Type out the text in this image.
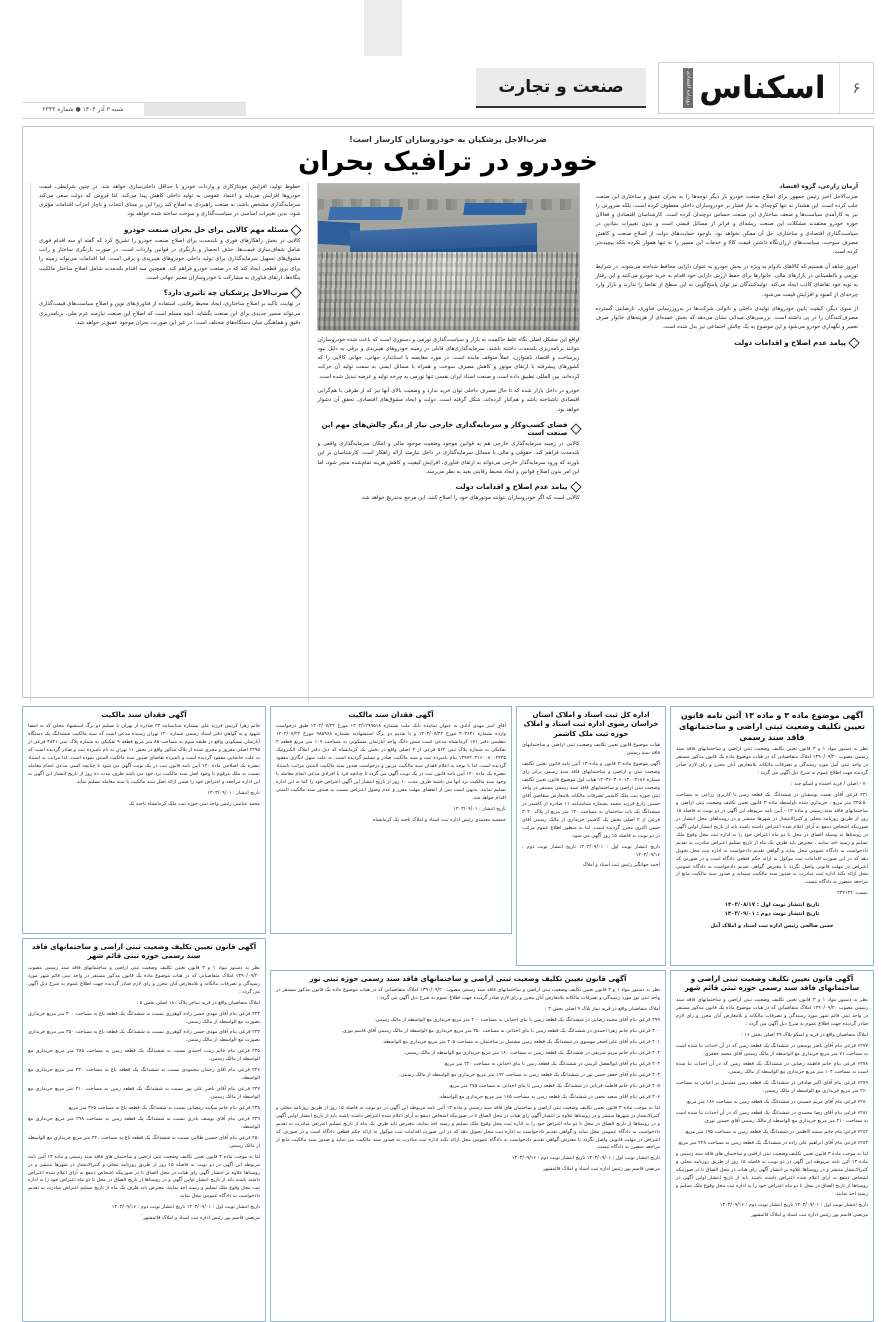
۶
اسکناس
روزنامه اقتصادی صبح ایران
صنعت و تجارت
شنبه ۳ آذر ۱۴۰۳ ● شماره ۲۳۴۴
ضرب‌الاجل پزشکیان به خودروسازان کارساز است!
خودرو در ترافیک بحران
آرمان زارعی، گروه اقتصاد

ضرب‌الاجل اخیر رئیس جمهور برای اصلاح صنعت خودرو بار دیگر توجه‌ها را به بحران عمیق و ساختاری این صنعت جلب کرده است. این هشدار نه تنها کوچه‌ای به نیاز فشار بر خودروسازان داخلی معطوف کرده است، بلکه ضرورتی را نیز به کارآمدی سیاست‌ها و ضعف ساختاری این صنعت حساس دوچندان کرده است. کارشناسان اقتصادی و فعالان حوزه خودرو معتقدند مشکلات این صنعت ریشه‌ای و فراتر از مسائل قیمتی است و بدون تغییرات بنیادین در سیاست‌گذاری اقتصادی و ساختاری، حل آن ممکن نخواهد بود. باوجود حمایت‌های دولت از اصلاح صنعت و کاهش مصرف سوخت، سیاست‌های ارزان‌نگاه داشتن قیمت کالا و خدمات این مسیر را نه تنها هموار نکرده بلکه پیچیده‌تر کرده است.

امروز شاهد آن هستیم که کالاهای بادوام به ویژه در بخش خودرو به عنوان دارایی محافظ شناخته می‌شوند. در شرایط تورمی و نااطمینانی در بازارهای مالی، خانوارها برای حفظ ارزش دارایی خود اقدام به خرید خودرو می‌کنند و این رفتار به نوبه خود تقاضای کاذب ایجاد می‌کند. تولیدکنندگان نیز توان پاسخ‌گویی به این سطح از تقاضا را ندارند و بازار وارد چرخه‌ای از کمبود و افزایش قیمت می‌شود.

از سوی دیگر، کیفیت پایین خودروهای تولیدی داخلی و ناتوانی شرکت‌ها در به‌روزرسانی فناوری، نارضایتی گسترده مصرف‌کنندگان را در پی داشته است. بررسی‌های میدانی نشان می‌دهد که بخش عمده‌ای از هزینه‌های خانوار صرف تعمیر و نگهداری خودرو می‌شود و این موضوع به یک چالش اجتماعی نیز بدل شده است.

پیامد عدم اصلاح و اقدامات دولت

اواقع این مشکل اصلی نگاه غلط حاکمیت به بازار و سیاست‌گذاری تورمی و دستوری است که باعث شده خودروسازان نتوانند برنامه‌ریزی بلندمدت داشته باشند. سرمایه‌گذاری‌های قابلی در زمینه خودروهای هیبریدی و برقی به دلیل نبود زیرساخت و اقتصاد نامتوازن، عملاً متوقف مانده است. در مورد مقایسه با استاندارد جهانی، جهانی کالایی را که کشورهای پیشرفته با ارتقای موتور و کاهش مصرف سوخت و همراه با مسائل ایمنی به سمت تولید آن حرکت کرده‌اند، بین المللی تطبیق داده است و صنعت اسناد ایران نفسی تنها تورمی به چرخه تولید و عرضه تبدیل شده است.

خودرو در داخل بازار شده که تا حال مصرف داخلی توان خرید ندارد و وضعیت بالای آنها نیز که از طرفی با هم‌گرایی اقتصادی ناشناخته باشد و هم‌کنار کرده‌اند، شکل گرفته است. دولت و ایجاد مشوق‌های اقتصادی، تحقق آن دشوار خواهد بود.

فضای کسب‌وکار و سرمایه‌گذاری خارجی نیاز از دیگر چالش‌های مهم این صنعت است

کالایی در زمینه سرمایه‌گذاری خارجی هم به قوانین موجود وضعیت موجود مالی و امکان سرمایه‌گذاری واقعی و بلندمدت فراهم کند. حقوقی و مالی با مسائل سرمایه‌گذاری در داخل نیازمند ارائه راهکار است. کارشناسان بر این باورند که ورود سرمایه‌گذار خارجی می‌تواند به ارتقای فناوری، افزایش کیفیت و کاهش هزینه تمام‌شده منجر شود، اما این امر بدون اصلاح قوانین و ایجاد محیط رقابتی بعید به نظر می‌رسد.

پیامد عدم اصلاح و اقدامات دولت

کالایی است که اگر خودروسازان نتوانند موتورهای خود را اصلاح کنند، این مرجع به‌تدریج خواهد شد.

خطوط تولید، افزایش مونتاژکاری و واردات خودرو با حداقل داخلی‌سازی خواهد شد. در چنین شرایطی، قیمت خودروها افزایش می‌یابد و اعتماد عمومی به تولید داخلی کاهش پیدا می‌کند. لذا فروش که دولت سعی می‌کند سرمایه‌گذاری مشخص باشد، به صنعت راهبردی به اصلاح کند زیرا این بر مبنای انتخاب و ناچار احزاب اقدامات مؤثری شود، بدین تغییرات اساسی در سیاست‌گذاری و سوخت ساخته شده خواهد بود.

مسئله مهم کالایی برای حل بحران صنعت خودرو

کالایی در بخش راهکارهای فوری و بلندمدت برای اصلاح صنعت خودرو را تشریح کرد که گفته او سه اقدام فوری شامل شفاف‌سازی قیمت‌ها، حذف انحصار و بازنگری در قوانین واردات است. در صورت بازنگری ساختار و رانت مشوق‌های تسهیل سرمایه‌گذاری برای تولید داخلی خودروهای هیبریدی و برقی است. اما اقدامات می‌تواند زمینه را برای بروز قطعی ایجاد کند که در صنعت خودرو فراهم کند. همچنین سه اقدام بلندمدت شامل اصلاح ساختار مالکیت بنگاه‌ها، ارتقای فناوری به مشارکت با خودروسازان معتبر جهانی است.

ضرب‌الاجل پزشکیان چه تاثیری دارد؟

در نهایت، تأکید بر اصلاح ساختاری، ایجاد محیط رقابتی، استفاده از فناوری‌های نوین و اصلاح سیاست‌های قیمت‌گذاری می‌تواند مسیر جدیدی برای این صنعت بگشاید. آنچه مسلم است که اصلاح این صنعت نیازمند عزم ملی، برنامه‌ریزی دقیق و هماهنگی میان دستگاه‌های مختلف است؛ در غیر این صورت، بحران موجود عمیق‌تر خواهد شد.

آگهی موضوع ماده ۳ و ماده ۱۳ آئین نامه قانون تعیین تکلیف وضعیت ثبتی اراضی و ساختمانهای فاقد سند رسمی

نظر به دستور مواد ۱ و ۳ قانون تعیین تکلیف وضعیت ثبتی اراضی و ساختمانهای فاقد سند رسمی مصوب ۱۳۹۰/۰۹/۲۰ املاک متقاضیانی که در هیات موضوع ماده یک قانون مذکور مستقر در واحد ثبتی آمل مورد رسیدگی و تصرفات مالکانه بلامعارض آنان محرز و رای لازم صادر گردیده جهت اطلاع عموم به شرح ذیل آگهی می گردد :

۷۰ - اصلی / قریه احمده و اسکو چند :

۲۴۱ فرعی آقای نعمت یوسفیان در ششدانگ یک قطعه زمین با کاربری زراعی به مساحت ۲۴۵.۵۰ متر مربع ، خریداری شده باواسطه ماده ۳ قانون تعیین تکلیف وضعیت ثبتی اراضی و ساختمانهای فاقد سند رسمی و ماده ۱۳ - آیین نامه مربوطه این آگهی در دو نوبت به فاصله ۱۵ روز از طریق روزنامه محلی و کثیرالانتشار در شهرها منتشر و در روستاهای محل انتشار در صورتیکه اشخاص ذینفع به آرای اعلام شده اعتراض داشته باشند باید از تاریخ انتشار اولین آگهی در روستاها به وسیله الصاق در محل تا دو ماه اعتراض خود را به اداره ثبت محل وقوع ملک تسلیم و رسید اخذ نمایند . معترض باید ظرف یک ماه از تاریخ تسلیم اعتراض مبادرت به تقدیم دادخواست به دادگاه عمومی محل نماید و گواهی تقدیم دادخواست به اداره ثبت محل تحویل دهد که در این صورت اقدامات ثبت موکول به ارائه حکم قطعی دادگاه است و در صورتی که اعتراض در مهلت قانونی واصل نگردد یا معترض گواهی تقدیم دادخواست به دادگاه عمومی محل ارائه نکند اداره ثبت مبادرت به صدور سند مالکیت مینماید و صدور سند مالکیت مانع از مراجعه متضرر به دادگاه نیست.

نیست. ۲۴۲۱۴۴

تاریخ انتشار نوبت اول : ۱۴۰۳/۰۸/۱۷
تاریخ انتشار نوبت دوم : ۱۴۰۳/۰۹/۰۱
حسن صالحی رئیس اداره ثبت اسناد و املاک آمل
اداره کل ثبت اسناد و املاک استان خراسان رضوی اداره ثبت اسناد و املاک حوزه ثبت ملک کاشمر

هیات موضوع قانون تعیین تکلیف وضعیت ثبتی اراضی و ساختمانهای فاقد سند رسمی

آگهی موضوع ماده ۳ قانون و ماده ۱۳ آئین نامه قانون تعیین تکلیف وضعیت ثبتی و اراضی و ساختمانهای فاقد سند رسمی برابر رای شماره ۱۴۰۳۶۰۳۰۶۰۱۲۰۰۲۱۸۶ هیات اول موضوع قانون تعیین تکلیف وضعیت ثبتی اراضی و ساختمانهای فاقد سند رسمی مستقر در واحد ثبتی حوزه ثبت ملک کاشمر تصرفات مالکانه بلامعارض متقاضی آقای حسین زارع فرزند محمد بشماره شناسنامه ۱۱ صادره از کاشمر در ششدانگ یک باب ساختمان به مساحت ۱۲۰ متر مربع از پلاک ۳۰۲۰ فرعی از ۲ اصلی بخش یک کاشمر خریداری از مالک رسمی آقای حسن اکبری محرز گردیده است. لذا به منظور اطلاع عموم مراتب در دو نوبت به فاصله ۱۵ روز آگهی می شود.

تاریخ انتشار نوبت اول : ۱۴۰۳/۰۹/۰۱ تاریخ انتشار نوبت دوم : ۱۴۰۳/۰۹/۱۶

احمد جهانگیر رئیس ثبت اسناد و املاک

آگهی فقدان سند مالکیت

آقای امیر مهدی آبادی به عنوان نماینده بانک ملت بشماره ۱۴۰۳/۱۲۹۹۵۱۸ مورخ ۱۴۰۳/۰۷/۲۲ طبق درخواست وارده بشماره ۳۰۳۶۲۱ مورخ ۱۴۰۳/۰۷/۲۲ و با تقدیم دو برگ استشهادیه بشماره ۹۸۵۹۶۸ مورخ ۱۴۰۳/۰۷/۲۲ تنظیمی دفتر ۱۷۱ کرمانشاه مدعی است شش دانگ واحد آپارتمان مسکونی به مساحت ۱۰۷ متر مربع قطعه ۴ تفکیکی به شماره پلاک ثبتی ۵۶۲ فرعی از ۳ اصلی واقع در بخش یک کرمانشاه که ذیل دفتر املاک الکترونیک ۱۳۹۷۲۰۳۱۶۰۰۸۰۰۲۳۴۵ بنام نامبرده ثبت و سند مالکیت صادر و تسلیم گردیده است. به علت سهل انگاری مفقود گردیده است. لذا با توجه به اعلام فقدان سند مالکیت مزبور و درخواست صدور سند مالکیت المثنی مراتب باستناد تبصره یک ماده ۱۲۰ آیین نامه قانون ثبت در یک نوبت آگهی می گردد تا چنانچه فرد یا افرادی مدعی انجام معامله یا وجود سند مالکیت نزد آنها می باشند ظرف مدت ۱۰ روز از تاریخ انتشار این آگهی اعتراض خود را کتبا به این اداره تسلیم نمایند. بدیهی است پس از انقضای مهلت مقرر و عدم وصول اعتراض نسبت به صدور سند مالکیت المثنی اقدام خواهد شد.

تاریخ انتشار : ۱۴۰۳/۰۹/۰۱

جمشید معتمدی رئیس اداره ثبت اسناد و املاک ناحیه یک کرمانشاه

آگهی فقدان سند مالکیت

خانم زهرا کریمی فرزند علی بشماره شناسنامه ۲۴ صادره از تهران با تسلیم دو برگ استشهاد محلی که به امضا شهود و به گواهی دفتر اسناد رسمی شماره ۱۲۰ تهران رسیده مدعی است که سند مالکیت ششدانگ یک دستگاه آپارتمان مسکونی واقع در طبقه سوم به مساحت ۸۵ متر مربع قطعه ۹ تفکیکی به شماره پلاک ثبتی ۴۸۲۱ فرعی از ۲۳۹۵ اصلی مفروز و مجزی شده از پلاک مذکور واقع در بخش ۱۱ تهران به نام نامبرده ثبت و صادر گردیده است که به علت جابجایی مفقود گردیده است و نامبرده تقاضای صدور سند مالکیت المثنی نموده است. لذا مراتب به استناد تبصره یک اصلاحی ماده ۱۲۰ آیین نامه قانون ثبت در یک نوبت آگهی می شود تا چنانچه کسی مدعی انجام معامله نسبت به ملک مرقوم یا وجود اصل سند مالکیت نزد خود می باشد ظرف مدت ده روز از تاریخ انتشار این آگهی به این اداره مراجعه و اعتراض خود را ضمن ارائه اصل سند مالکیت یا سند معامله تسلیم نماید.

تاریخ انتشار : ۱۴۰۳/۰۹/۰۱

محمد عباسی رئیس واحد ثبتی حوزه ثبت ملک کرمانشاه ناحیه یک

آگهی قانون تعیین تکلیف وضعیت ثبتی اراضی و ساختمانهای فاقد سند رسمی حوزه ثبتی قائم شهر

نظر به دستور مواد ۱ و ۳ قانون تعیین تکلیف وضعیت ثبتی اراضی و ساختمانهای فاقد سند رسمی مصوب ۱۳۹۰/۰۹/۲۰ املاک متقاضیانی که در هیات موضوع ماده یک قانون مذکور مستقر در واحد ثبتی قائم شهر مورد رسیدگی و تصرفات مالکانه و بلامعارض آنان محرز و رای لازم صادر گردیده جهت اطلاع عموم به شرح ذیل آگهی می گردد :

املاک متقاضیان واقع در قریه و اسکو پلاک ۳۹ اصلی بخش ۱۶ :

۶۲۷۷ فرعی بنام آقای ناصر یوسفی در ششدانگ یک قطعه زمین که در آن احداث بنا شده است به مساحت ۷۱ متر مربع خریداری مع الواسطه از مالک رسمی آقای محمد جعفری.

۶۲۷۸ فرعی بنام خانم فاطمه رضایی در ششدانگ یک قطعه زمین که در آن احداث بنا شده است به مساحت ۱۰۴ متر مربع خریداری مع الواسطه از مالک رسمی.

۶۲۷۹ فرعی بنام آقای اکبر صادقی در ششدانگ یک قطعه زمین مشتمل بر اعیانی به مساحت ۲۶۰ متر مربع خریداری مع الواسطه از مالک رسمی.

۶۲۸۰ فرعی بنام آقای مریم حسینی در ششدانگ یک قطعه زمین به مساحت ۱۸۶ متر مربع.

۶۲۸۱ فرعی بنام آقای رضا محمدی در ششدانگ یک قطعه زمین که در آن احداث بنا شده است به مساحت ۲۱۰ متر مربع خریداری مع الواسطه از مالک رسمی آقای حسین نوری.

۶۲۸۲ فرعی بنام خانم سمیه کاظمی در ششدانگ یک قطعه زمین به مساحت ۱۹۵ متر مربع.

۶۲۸۳ فرعی بنام آقای ابراهیم علی زاده در ششدانگ یک قطعه زمین به مساحت ۲۲۸ متر مربع.

لذا به موجب ماده ۳ قانون تعیین تکلیف وضعیت ثبتی اراضی و ساختمان های فاقد سند رسمی و ماده ۱۳ آئین نامه مربوطه این آگهی در دو نوبت به فاصله ۱۵ روز از طریق روزنامه محلی و کثیرالانتشار منتشر و در روستاها علاوه بر انتشار آگهی رای هیات در محل الصاق تا در صورتیکه اشخاص ذینفع به آرای اعلام شده اعتراض داشته باشند باید از تاریخ انتشار اولین آگهی در روستاها از تاریخ الصاق در محل تا دو ماه اعتراض خود را به اداره ثبت محل وقوع ملک تسلیم و رسید اخذ نمایند.

تاریخ انتشار نوبت اول : ۱۴۰۳/۰۹/۰۱ تاریخ انتشار نوبت دوم : ۱۴۰۳/۰۹/۱۶

مرتضی قاسم پور رئیس اداره ثبت اسناد و املاک قائمشهر

آگهی قانون تعیین تکلیف وضعیت ثبتی اراضی و ساختمانهای فاقد سند رسمی حوزه ثبتی نور

نظر به دستور مواد ۱ و ۳ قانون تعیین تکلیف وضعیت ثبتی اراضی و ساختمانهای فاقد سند رسمی مصوب ۱۳۹۰/۰۹/۲۰ املاک متقاضیانی که در هیات موضوع ماده یک قانون مذکور مستقر در واحد ثبتی نور مورد رسیدگی و تصرفات مالکانه بلامعارض آنان محرز و رای لازم صادر گردیده جهت اطلاع عموم به شرح ذیل آگهی می گردد :

املاک متقاضیان واقع در قریه تمار پلاک ۹ اصلی بخش ۳ :

۳۹۹ فرعی بنام آقای محمد رضایی در ششدانگ یک قطعه زمین با بنای احداثی به مساحت ۲۰۰ متر مربع خریداری مع الواسطه از مالک رسمی.

۴۰۰ فرعی بنام خانم زهرا احمدی در ششدانگ یک قطعه زمین با بنای احداثی به مساحت ۲۵۰ متر مربع خریداری مع الواسطه از مالک رسمی آقای قاسم نوری.

۴۰۱ فرعی بنام آقای علی اصغر موسوی در ششدانگ یک قطعه زمین مشتمل بر ساختمان به مساحت ۳۰۵ متر مربع خریداری مع الواسطه.

۴۰۲ فرعی بنام خانم مریم شریفی در ششدانگ یک قطعه زمین به مساحت ۱۸۰ متر مربع خریداری مع الواسطه از مالک رسمی.

۴۰۳ فرعی بنام آقای ابوالفضل کریمی در ششدانگ یک قطعه زمین با بنای احداثی به مساحت ۲۲۰ متر مربع.

۴۰۴ فرعی بنام آقای جعفر حسن پور در ششدانگ یک قطعه زمین به مساحت ۱۹۲ متر مربع خریداری مع الواسطه از مالک رسمی.

۴۰۵ فرعی بنام خانم فاطمه قربانی در ششدانگ یک قطعه زمین با بنای احداثی به مساحت ۲۷۵ متر مربع.

۴۰۶ فرعی بنام آقای سعید نجفی در ششدانگ یک قطعه زمین به مساحت ۱۶۵ متر مربع خریداری مع الواسطه.

لذا به موجب ماده ۳ قانون تعیین تکلیف وضعیت ثبتی اراضی و ساختمان های فاقد سند رسمی و ماده ۱۳ آئین نامه مربوطه این آگهی در دو نوبت به فاصله ۱۵ روز از طریق روزنامه محلی و کثیرالانتشار در شهرها منتشر و در روستاها علاوه بر انتشار آگهی رای هیات در محل الصاق تا در صورتیکه اشخاص ذینفع به آرای اعلام شده اعتراض داشته باشند باید از تاریخ انتشار اولین آگهی و در روستاها از تاریخ الصاق در محل تا دو ماه اعتراض خود را به اداره ثبت محل وقوع ملک تسلیم و رسید اخذ نمایند. معترض باید ظرف یک ماه از تاریخ تسلیم اعتراض مبادرت به تقدیم دادخواست به دادگاه عمومی محل نماید و گواهی تقدیم دادخواست به اداره ثبت محل تحویل دهد که در این صورت اقدامات ثبت موکول به ارائه حکم قطعی دادگاه است و در صورتی که اعتراض در مهلت قانونی واصل نگردد یا معترض گواهی تقدیم دادخواست به دادگاه عمومی محل ارائه نکند اداره ثبت مبادرت به صدور سند مالکیت می نماید و صدور سند مالکیت مانع از مراجعه متضرر به دادگاه نیست.

تاریخ انتشار نوبت اول : ۱۴۰۳/۰۹/۰۱ تاریخ انتشار نوبت دوم : ۱۴۰۳/۰۹/۱۶

مرتضی قاسم پور رئیس اداره ثبت اسناد و املاک قائمشهر

آگهی قانون تعیین تکلیف وضعیت ثبتی اراضی و ساختمانهای فاقد سند رسمی حوزه ثبتی قائم شهر

نظر به دستور مواد ۱ و ۳ قانون تعیین تکلیف وضعیت ثبتی اراضی و ساختمانهای فاقد سند رسمی مصوب ۱۳۹۰/۰۹/۲۰ املاک متقاضیانی که در هیات موضوع ماده یک قانون مذکور مستقر در واحد ثبتی قائم شهر مورد رسیدگی و تصرفات مالکانه و بلامعارض آنان محرز و رای لازم صادر گردیده جهت اطلاع عموم به شرح ذیل آگهی می گردد :

املاک متقاضیان واقع در قریه تماجر پلاک ۱۸۰ اصلی بخش ۵ :

۲۴۳ فرعی بنام آقای مهدی حسن زاده کوهزری نسبت به ششدانگ یک قطعه باغ به مساحت ۴۰۰ متر مربع خریداری بصورت مع الواسطه از مالک رسمی.

۲۴۴ فرعی بنام آقای مهدی حسن زاده کوهزری نسبت به ششدانگ یک قطعه باغ به مساحت ۳۵۰ متر مربع خریداری بصورت مع الواسطه از مالک رسمی.

۲۴۵ فرعی بنام خانم زینب احمدی نسبت به ششدانگ یک قطعه زمین به مساحت ۲۸۵ متر مربع خریداری مع الواسطه از مالک رسمی.

۲۴۶ فرعی بنام آقای رحمان محمودی نسبت به ششدانگ یک قطعه باغ به مساحت ۴۲۰ متر مربع خریداری مع الواسطه.

۲۴۷ فرعی بنام آقای ناصر علی پور نسبت به ششدانگ یک قطعه زمین به مساحت ۳۱۰ متر مربع خریداری مع الواسطه از مالک رسمی.

۲۴۸ فرعی بنام خانم سکینه رمضانی نسبت به ششدانگ یک قطعه باغ به مساحت ۳۶۵ متر مربع.

۲۴۹ فرعی بنام آقای یوسف نادری نسبت به ششدانگ یک قطعه زمین به مساحت ۲۹۸ متر مربع خریداری مع الواسطه.

۲۵۰ فرعی بنام آقای حسین طالبی نسبت به ششدانگ یک قطعه باغ به مساحت ۴۴۰ متر مربع خریداری مع الواسطه از مالک رسمی.

لذا به موجب ماده ۳ قانون تعیین تکلیف وضعیت ثبتی اراضی و ساختمان های فاقد سند رسمی و ماده ۱۳ آئین نامه مربوطه این آگهی در دو نوبت به فاصله ۱۵ روز از طریق روزنامه محلی و کثیرالانتشار در شهرها منتشر و در روستاها علاوه بر انتشار آگهی رای هیات در محل الصاق تا در صورتیکه اشخاص ذینفع به آرای اعلام شده اعتراض داشته باشند باید از تاریخ انتشار اولین آگهی و در روستاها از تاریخ الصاق در محل تا دو ماه اعتراض خود را به اداره ثبت محل وقوع ملک تسلیم و رسید اخذ نمایند. معترض باید ظرف یک ماه از تاریخ تسلیم اعتراض مبادرت به تقدیم دادخواست به دادگاه عمومی محل نماید.

تاریخ انتشار نوبت اول : ۱۴۰۳/۰۹/۰۱ تاریخ انتشار نوبت دوم : ۱۴۰۳/۰۹/۱۶

مرتضی قاسم پور رئیس اداره ثبت اسناد و املاک قائمشهر
